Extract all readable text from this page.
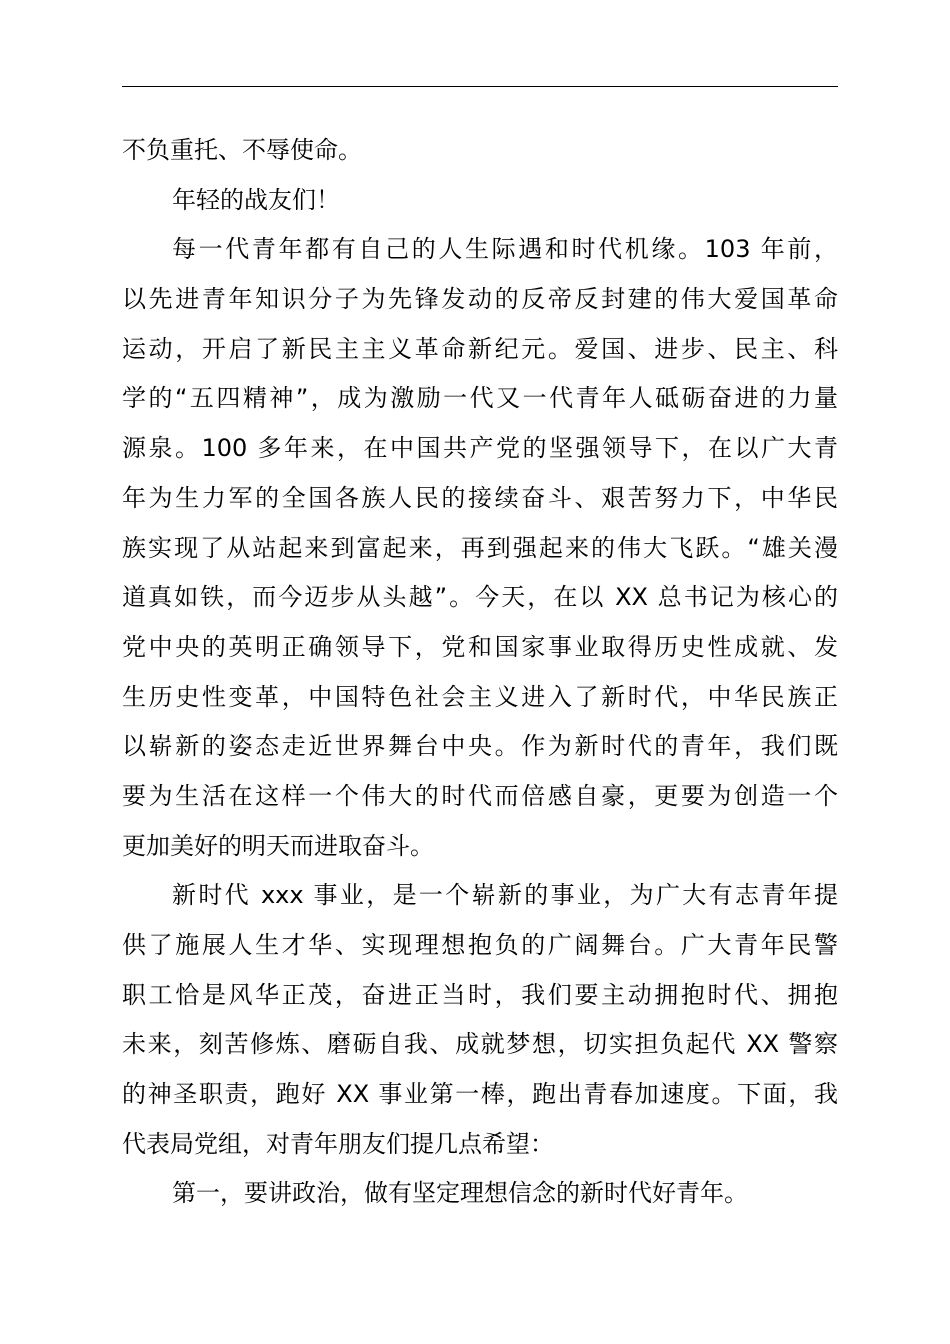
不负重托、不辱使命。
年轻的战友们！
每一代青年都有自己的人生际遇和时代机缘。103 年前，
以先进青年知识分子为先锋发动的反帝反封建的伟大爱国革命
运动，开启了新民主主义革命新纪元。爱国、进步、民主、科
学的“五四精神”，成为激励一代又一代青年人砥砺奋进的力量
源泉。100 多年来，在中国共产党的坚强领导下，在以广大青
年为生力军的全国各族人民的接续奋斗、艰苦努力下，中华民
族实现了从站起来到富起来，再到强起来的伟大飞跃。“雄关漫
道真如铁，而今迈步从头越”。今天，在以 XX 总书记为核心的
党中央的英明正确领导下，党和国家事业取得历史性成就、发
生历史性变革，中国特色社会主义进入了新时代，中华民族正
以崭新的姿态走近世界舞台中央。作为新时代的青年，我们既
要为生活在这样一个伟大的时代而倍感自豪，更要为创造一个
更加美好的明天而进取奋斗。
新时代 xxx 事业，是一个崭新的事业，为广大有志青年提
供了施展人生才华、实现理想抱负的广阔舞台。广大青年民警
职工恰是风华正茂，奋进正当时，我们要主动拥抱时代、拥抱
未来，刻苦修炼、磨砺自我、成就梦想，切实担负起代 XX 警察
的神圣职责，跑好 XX 事业第一棒，跑出青春加速度。下面，我
代表局党组，对青年朋友们提几点希望：
第一，要讲政治，做有坚定理想信念的新时代好青年。
